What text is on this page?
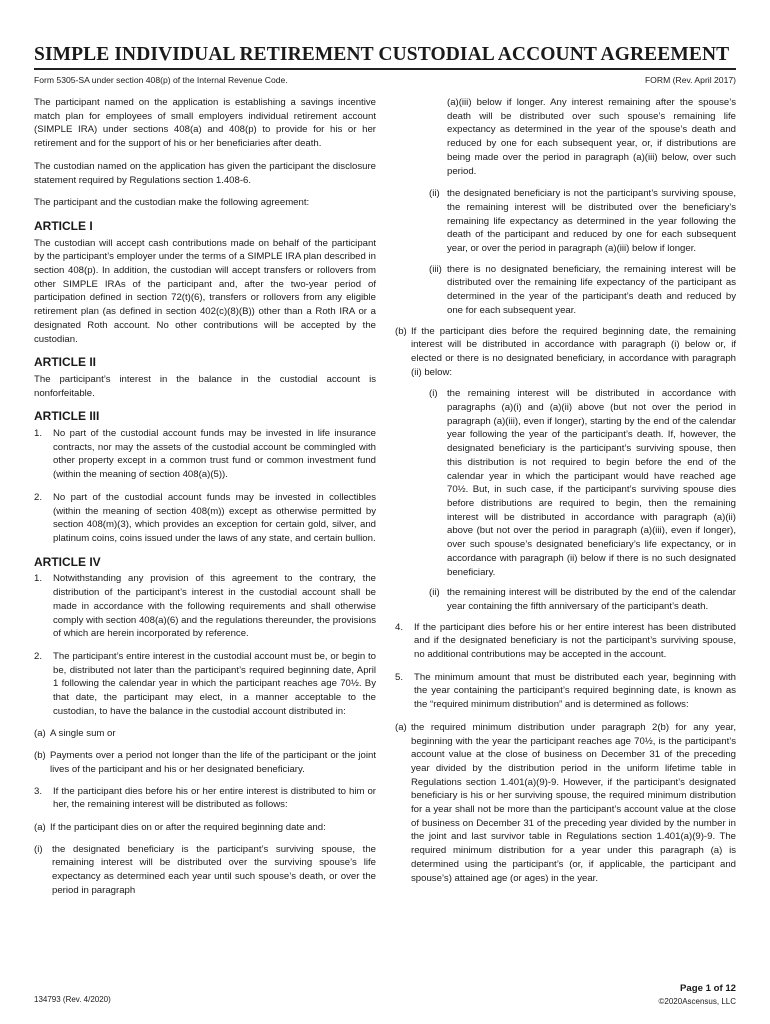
SIMPLE INDIVIDUAL RETIREMENT CUSTODIAL ACCOUNT AGREEMENT
Form 5305-SA under section 408(p) of the Internal Revenue Code.	FORM (Rev. April 2017)

The participant named on the application is establishing a savings incentive match plan for employees of small employers individual retirement account (SIMPLE IRA) under sections 408(a) and 408(p) to provide for his or her retirement and for the support of his or her beneficiaries after death.

The custodian named on the application has given the participant the disclosure statement required by Regulations section 1.408-6.

The participant and the custodian make the following agreement:

ARTICLE I

The custodian will accept cash contributions made on behalf of the participant by the participant’s employer under the terms of a SIMPLE IRA plan described in section 408(p). In addition, the custodian will accept transfers or rollovers from other SIMPLE IRAs of the participant and, after the two-year period of participation defined in section 72(t)(6), transfers or rollovers from any eligible retirement plan (as defined in section 402(c)(8)(B)) other than a Roth IRA or a designated Roth account. No other contributions will be accepted by the custodian.

ARTICLE II

The participant’s interest in the balance in the custodial account is nonforfeitable.

ARTICLE III
1. No part of the custodial account funds may be invested in life insurance contracts, nor may the assets of the custodial account be commingled with other property except in a common trust fund or common investment fund (within the meaning of section 408(a)(5)).
2. No part of the custodial account funds may be invested in collectibles (within the meaning of section 408(m)) except as otherwise permitted by section 408(m)(3), which provides an exception for certain gold, silver, and platinum coins, coins issued under the laws of any state, and certain bullion.
ARTICLE IV
1. Notwithstanding any provision of this agreement to the contrary, the distribution of the participant’s interest in the custodial account shall be made in accordance with the following requirements and shall otherwise comply with section 408(a)(6) and the regulations thereunder, the provisions of which are herein incorporated by reference.
2. The participant’s entire interest in the custodial account must be, or begin to be, distributed not later than the participant’s required beginning date, April 1 following the calendar year in which the participant reaches age 70½. By that date, the participant may elect, in a manner acceptable to the custodian, to have the balance in the custodial account distributed in:
(a) A single sum or
(b) Payments over a period not longer than the life of the participant or the joint lives of the participant and his or her designated beneficiary.
3. If the participant dies before his or her entire interest is distributed to him or her, the remaining interest will be distributed as follows:
(a) If the participant dies on or after the required beginning date and:
(i) the designated beneficiary is the participant’s surviving spouse, the remaining interest will be distributed over the surviving spouse’s life expectancy as determined each year until such spouse’s death, or over the period in paragraph

(a)(iii) below if longer. Any interest remaining after the spouse’s death will be distributed over such spouse’s remaining life expectancy as determined in the year of the spouse’s death and reduced by one for each subsequent year, or, if distributions are being made over the period in paragraph (a)(iii) below, over such period.

(ii) the designated beneficiary is not the participant’s surviving spouse, the remaining interest will be distributed over the beneficiary’s remaining life expectancy as determined in the year following the death of the participant and reduced by one for each subsequent year, or over the period in paragraph (a)(iii) below if longer.
(iii) there is no designated beneficiary, the remaining interest will be distributed over the remaining life expectancy of the participant as determined in the year of the participant’s death and reduced by one for each subsequent year.
(b) If the participant dies before the required beginning date, the remaining interest will be distributed in accordance with paragraph (i) below or, if elected or there is no designated beneficiary, in accordance with paragraph (ii) below:
(i) the remaining interest will be distributed in accordance with paragraphs (a)(i) and (a)(ii) above (but not over the period in paragraph (a)(iii), even if longer), starting by the end of the calendar year following the year of the participant’s death. If, however, the designated beneficiary is the participant’s surviving spouse, then this distribution is not required to begin before the end of the calendar year in which the participant would have reached age 70½. But, in such case, if the participant’s surviving spouse dies before distributions are required to begin, then the remaining interest will be distributed in accordance with paragraph (a)(ii) above (but not over the period in paragraph (a)(iii), even if longer), over such spouse’s designated beneficiary’s life expectancy, or in accordance with paragraph (ii) below if there is no such designated beneficiary.
(ii) the remaining interest will be distributed by the end of the calendar year containing the fifth anniversary of the participant’s death.
4. If the participant dies before his or her entire interest has been distributed and if the designated beneficiary is not the participant’s surviving spouse, no additional contributions may be accepted in the account.
5. The minimum amount that must be distributed each year, beginning with the year containing the participant’s required beginning date, is known as the “required minimum distribution” and is determined as follows:
(a) the required minimum distribution under paragraph 2(b) for any year, beginning with the year the participant reaches age 70½, is the participant’s account value at the close of business on December 31 of the preceding year divided by the distribution period in the uniform lifetime table in Regulations section 1.401(a)(9)-9. However, if the participant’s designated beneficiary is his or her surviving spouse, the required minimum distribution for a year shall not be more than the participant’s account value at the close of business on December 31 of the preceding year divided by the number in the joint and last survivor table in Regulations section 1.401(a)(9)-9. The required minimum distribution for a year under this paragraph (a) is determined using the participant’s (or, if applicable, the participant and spouse’s) attained age (or ages) in the year.
134793 (Rev. 4/2020)
Page 1 of 12
©2020Ascensus, LLC
